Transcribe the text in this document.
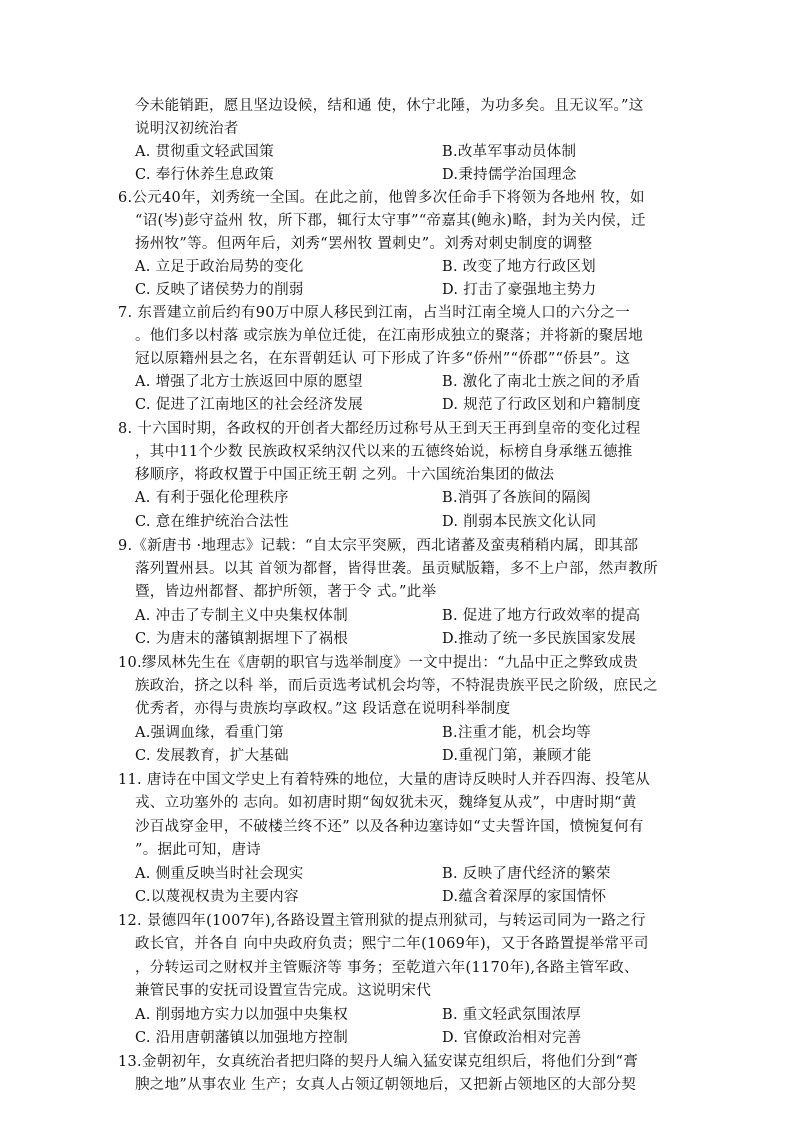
今未能销距，愿且坚边设候，结和通 使，休宁北陲，为功多矣。且无议军。”这
说明汉初统治者
A. 贯彻重文轻武国策	B.改革军事动员体制
C. 奉行休养生息政策	D.秉持儒学治国理念
6.公元40年，刘秀统一全国。在此之前，他曾多次任命手下将领为各地州 牧，如
“诏(岑)彭守益州 牧，所下郡，辄行太守事”“帝嘉其(鲍永)略，封为关内侯，迁
扬州牧”等。但两年后，刘秀“罢州牧 置刺史”。刘秀对刺史制度的调整
A. 立足于政治局势的变化	B. 改变了地方行政区划
C. 反映了诸侯势力的削弱	D. 打击了豪强地主势力
7. 东晋建立前后约有90万中原人移民到江南，占当时江南全境人口的六分之一
。他们多以村落 或宗族为单位迁徙，在江南形成独立的聚落；并将新的聚居地
冠以原籍州县之名，在东晋朝廷认 可下形成了许多“侨州”“侨郡”“侨县”。这
A. 增强了北方士族返回中原的愿望	B. 激化了南北士族之间的矛盾
C. 促进了江南地区的社会经济发展	D. 规范了行政区划和户籍制度
8. 十六国时期，各政权的开创者大都经历过称号从王到天王再到皇帝的变化过程
，其中11个少数 民族政权采纳汉代以来的五德终始说，标榜自身承继五德推
移顺序，将政权置于中国正统王朝 之列。十六国统治集团的做法
A. 有利于强化伦理秩序	B.消弭了各族间的隔阂
C. 意在维护统治合法性	D. 削弱本民族文化认同
9.《新唐书 ·地理志》记载：“自太宗平突厥，西北诸蕃及蛮夷稍稍内属，即其部
落列置州县。以其 首领为都督，皆得世袭。虽贡赋版籍，多不上户部，然声教所
暨，皆边州都督、都护所领，著于令 式。”此举
A. 冲击了专制主义中央集权体制	B. 促进了地方行政效率的提高
C. 为唐末的藩镇割据埋下了祸根	D.推动了统一多民族国家发展
10.缪凤林先生在《唐朝的职官与选举制度》一文中提出：“九品中正之弊致成贵
族政治，挤之以科 举，而后贡选考试机会均等，不特混贵族平民之阶级，庶民之
优秀者，亦得与贵族均享政权。”这 段话意在说明科举制度
A.强调血缘，看重门第	B.注重才能，机会均等
C. 发展教育，扩大基础	D.重视门第，兼顾才能
11. 唐诗在中国文学史上有着特殊的地位，大量的唐诗反映时人并吞四海、投笔从
戎、立功塞外的 志向。如初唐时期“匈奴犹未灭，魏绛复从戎”，中唐时期“黄
沙百战穿金甲，不破楼兰终不还” 以及各种边塞诗如“丈夫誓许国，愤惋复何有
”。据此可知，唐诗
A. 侧重反映当时社会现实	B. 反映了唐代经济的繁荣
C.以蔑视权贵为主要内容	D.蕴含着深厚的家国情怀
12. 景德四年(1007年),各路设置主管刑狱的提点刑狱司，与转运司同为一路之行
政长官，并各自 向中央政府负责；熙宁二年(1069年)，又于各路置提举常平司
，分转运司之财权并主管赈济等 事务；至乾道六年(1170年),各路主管军政、
兼管民事的安抚司设置宣告完成。这说明宋代
A. 削弱地方实力以加强中央集权	B. 重文轻武氛围浓厚
C. 沿用唐朝藩镇以加强地方控制	D. 官僚政治相对完善
13.金朝初年，女真统治者把归降的契丹人编入猛安谋克组织后，将他们分到“膏
腴之地”从事农业 生产；女真人占领辽朝领地后，又把新占领地区的大部分契
